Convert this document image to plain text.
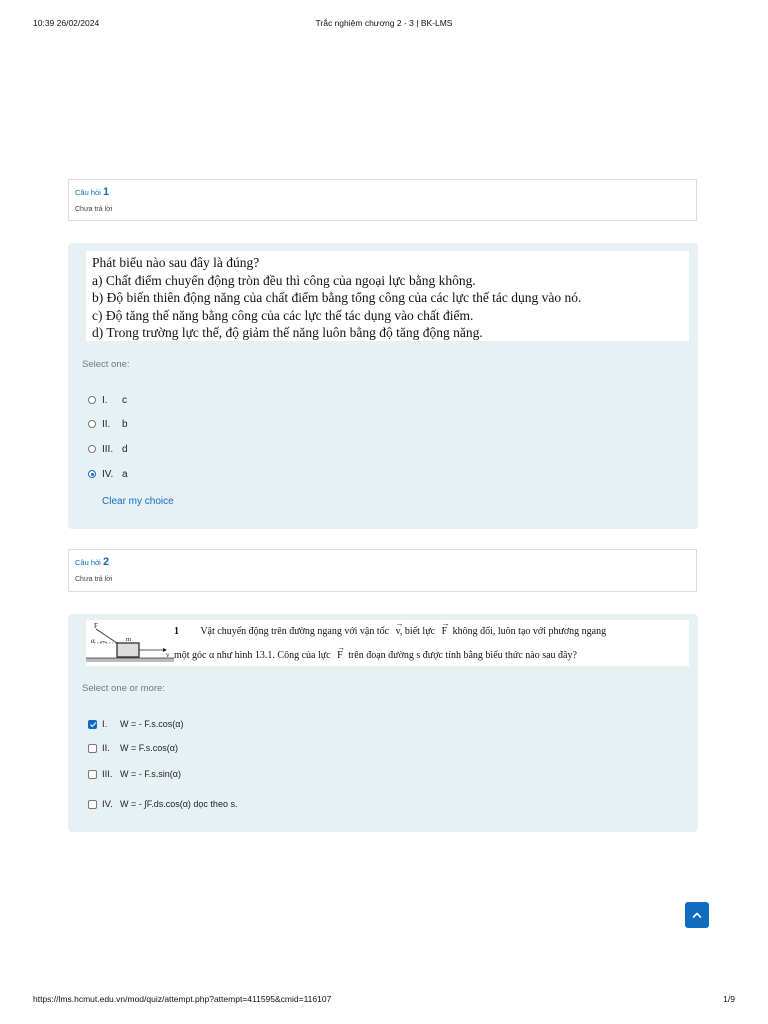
10:39 26/02/2024	Trắc nghiệm chương 2 - 3 | BK-LMS
Câu hỏi 1
Chưa trả lời
Phát biểu nào sau đây là đúng?
a) Chất điểm chuyển động tròn đều thì công của ngoại lực bằng không.
b) Độ biến thiên động năng của chất điểm bằng tổng công của các lực thế tác dụng vào nó.
c) Độ tăng thế năng bằng công của các lực thế tác dụng vào chất điểm.
d) Trong trường lực thế, độ giảm thế năng luôn bằng độ tăng động năng.
Select one:
I.	c
II.	b
III. d
IV. a
Clear my choice
Câu hỏi 2
Chưa trả lời
F
α	m
v
1 Vật chuyển động trên đường ngang với vận tốc
→
v, biết lực
→
F không đổi, luôn tạo với phương ngang
một góc α như hình 13.1. Công của lực
→
F trên đoạn đường s được tính bằng biểu thức nào sau đây?
Select one or more:
I.	W = - F.s.cos(α)
II.	W = F.s.cos(α)
III. W = - F.s.sin(α)
IV. W = - ∫F.ds.cos(α) dọc theo s.
https://lms.hcmut.edu.vn/mod/quiz/attempt.php?attempt=411595&cmid=116107	1/9
